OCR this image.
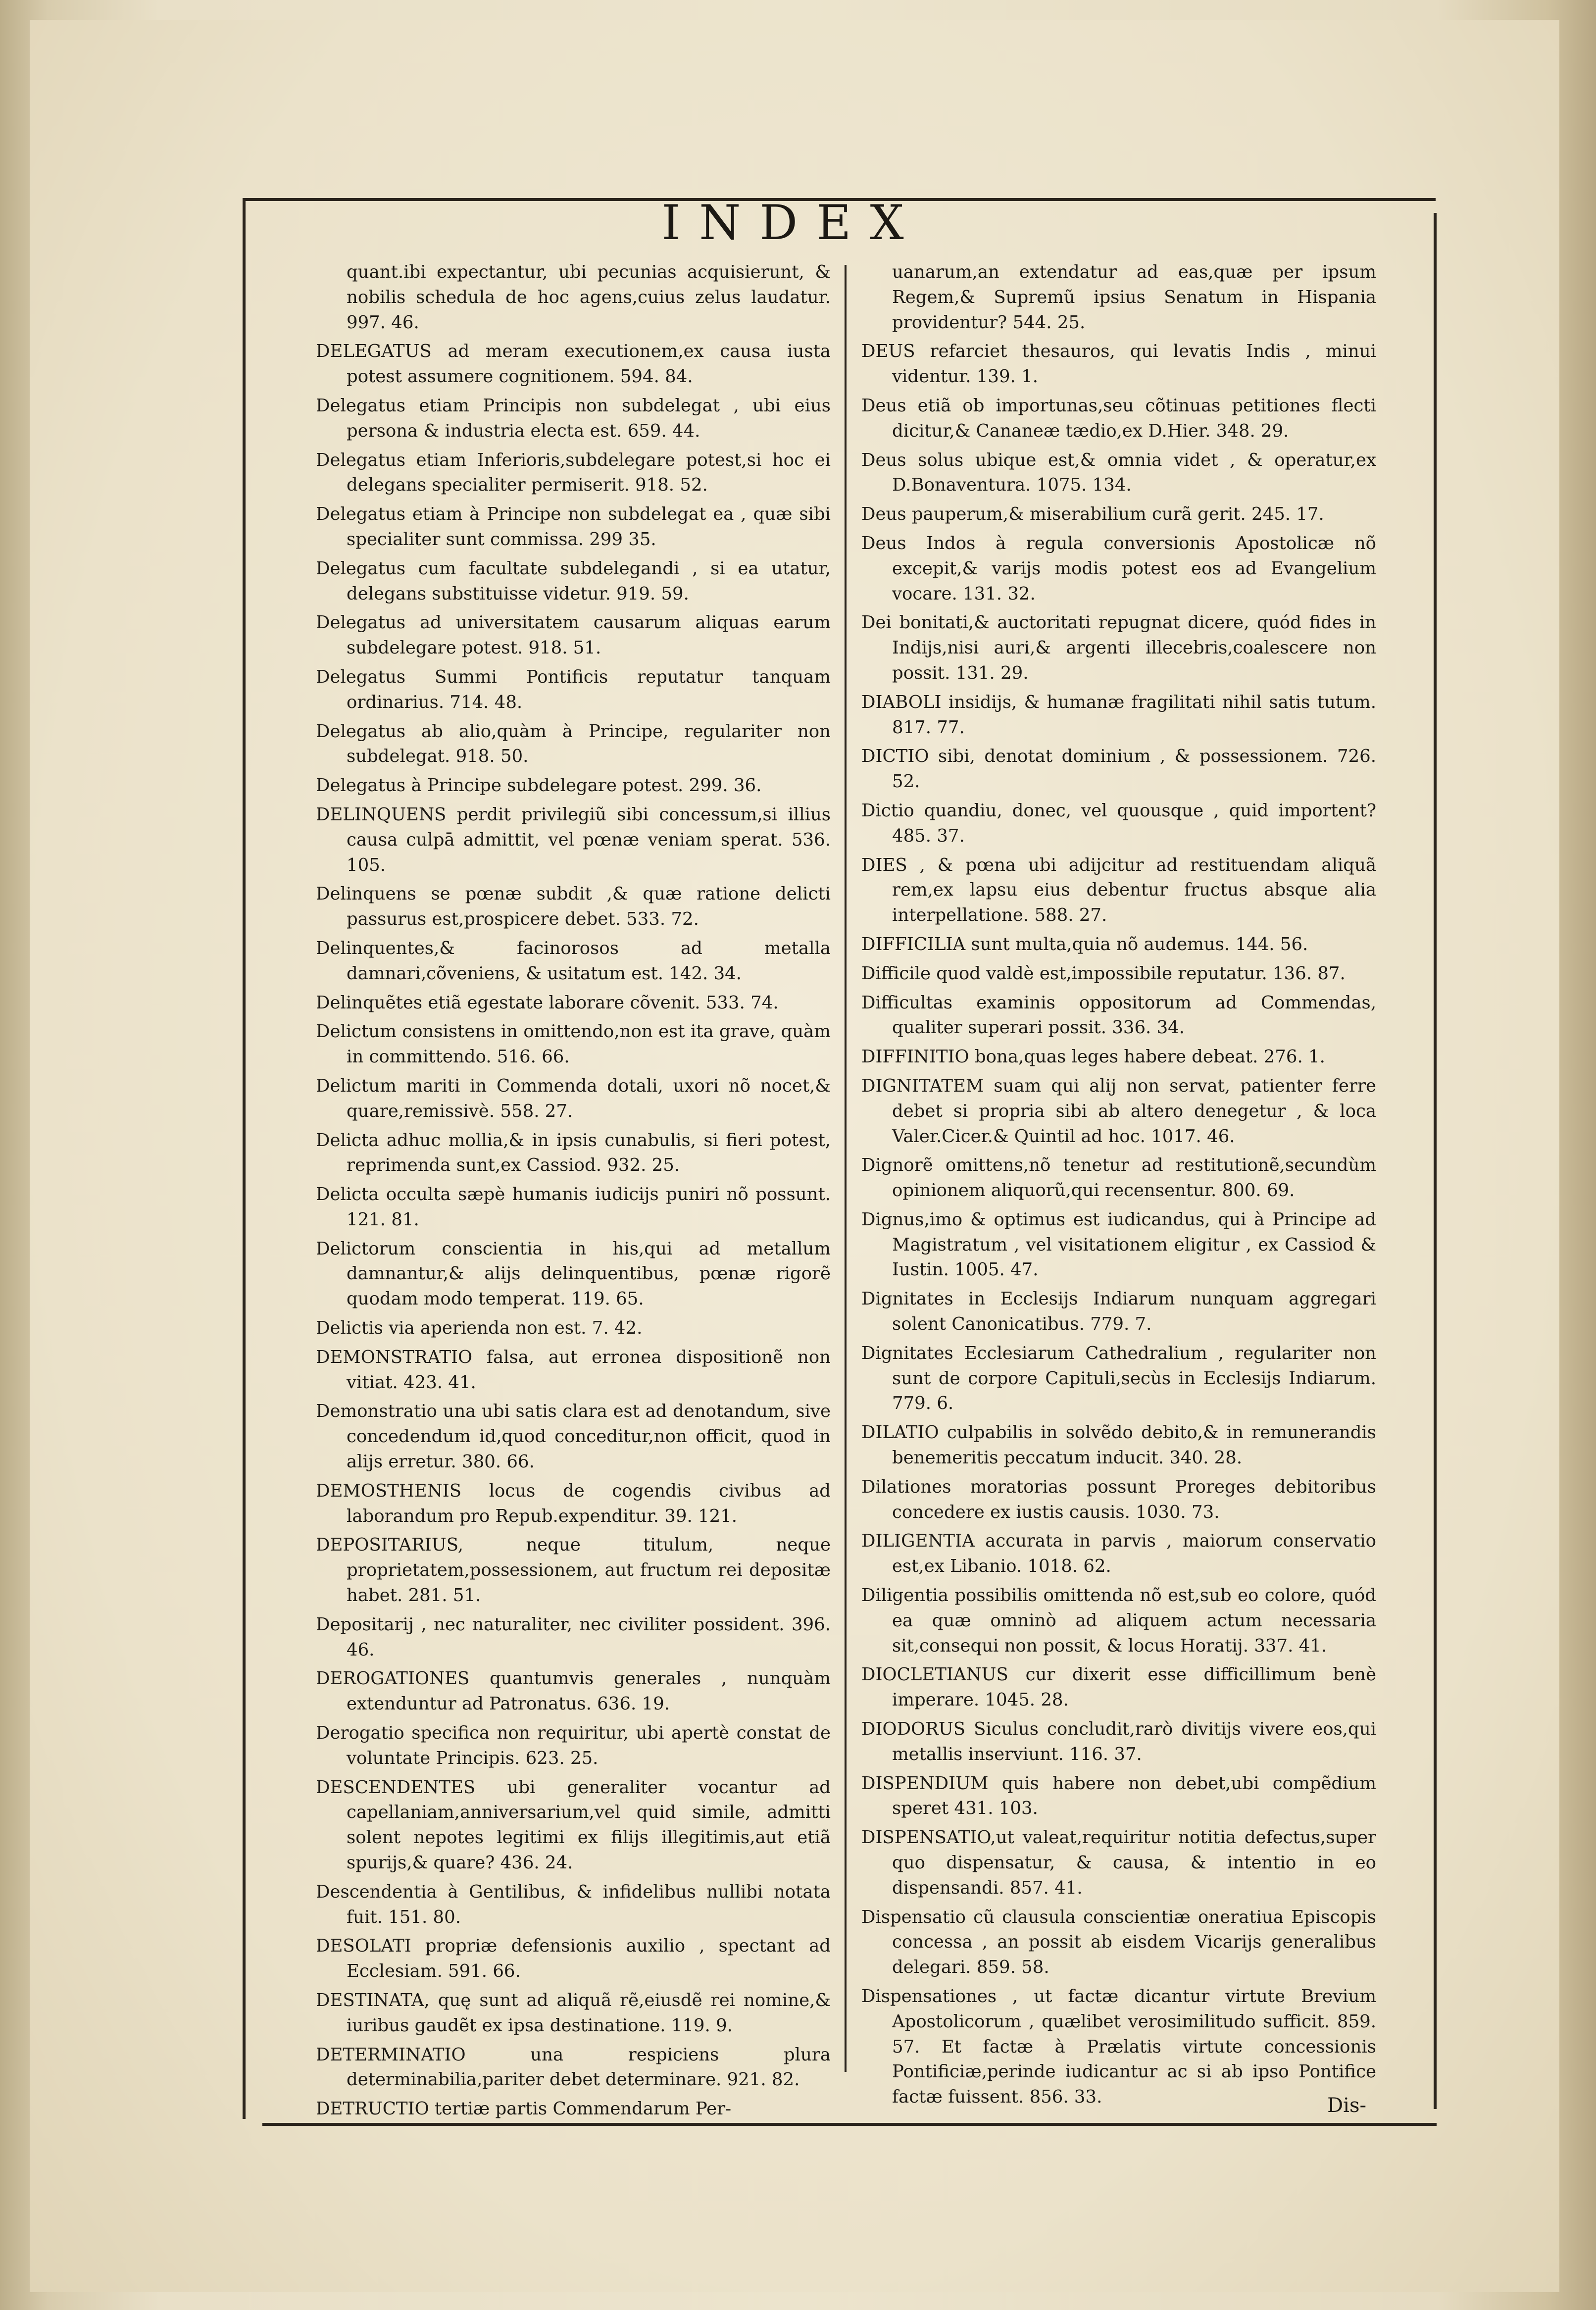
INDEX

quant.ibi expectantur, ubi pecunias acquisierunt, & nobilis schedula de hoc agens,cuius zelus laudatur. 997. 46.

DELEGATUS ad meram executionem,ex causa iusta potest assumere cognitionem. 594. 84.

Delegatus etiam Principis non subdelegat , ubi eius persona & industria electa est. 659. 44.

Delegatus etiam Inferioris,subdelegare potest,si hoc ei delegans specialiter permiserit. 918. 52.

Delegatus etiam à Principe non subdelegat ea , quæ sibi specialiter sunt commissa. 299 35.

Delegatus cum facultate subdelegandi , si ea utatur, delegans substituisse videtur. 919. 59.

Delegatus ad universitatem causarum aliquas earum subdelegare potest. 918. 51.

Delegatus Summi Pontificis reputatur tanquam ordinarius. 714. 48.

Delegatus ab alio,quàm à Principe, regulariter non subdelegat. 918. 50.

Delegatus à Principe subdelegare potest. 299. 36.

DELINQUENS perdit privilegiũ sibi concessum,si illius causa culpā admittit, vel pœnæ veniam sperat. 536. 105.

Delinquens se pœnæ subdit ,& quæ ratione delicti passurus est,prospicere debet. 533. 72.

Delinquentes,& facinorosos ad metalla damnari,cõveniens, & usitatum est. 142. 34.

Delinquẽtes etiã egestate laborare cõvenit. 533. 74.

Delictum consistens in omittendo,non est ita grave, quàm in committendo. 516. 66.

Delictum mariti in Commenda dotali, uxori nõ nocet,& quare,remissivè. 558. 27.

Delicta adhuc mollia,& in ipsis cunabulis, si fieri potest, reprimenda sunt,ex Cassiod. 932. 25.

Delicta occulta sæpè humanis iudicijs puniri nõ possunt. 121. 81.

Delictorum conscientia in his,qui ad metallum damnantur,& alijs delinquentibus, pœnæ rigorẽ quodam modo temperat. 119. 65.

Delictis via aperienda non est. 7. 42.

DEMONSTRATIO falsa, aut erronea dispositionẽ non vitiat. 423. 41.

Demonstratio una ubi satis clara est ad denotandum, sive concedendum id,quod conceditur,non officit, quod in alijs erretur. 380. 66.

DEMOSTHENIS locus de cogendis civibus ad laborandum pro Repub.expenditur. 39. 121.

DEPOSITARIUS, neque titulum, neque proprietatem,possessionem, aut fructum rei depositæ habet. 281. 51.

Depositarij , nec naturaliter, nec civiliter possident. 396. 46.

DEROGATIONES quantumvis generales , nunquàm extenduntur ad Patronatus. 636. 19.

Derogatio specifica non requiritur, ubi apertè constat de voluntate Principis. 623. 25.

DESCENDENTES ubi generaliter vocantur ad capellaniam,anniversarium,vel quid simile, admitti solent nepotes legitimi ex filijs illegitimis,aut etiã spurijs,& quare? 436. 24.

Descendentia à Gentilibus, & infidelibus nullibi notata fuit. 151. 80.

DESOLATI propriæ defensionis auxilio , spectant ad Ecclesiam. 591. 66.

DESTINATA, quę sunt ad aliquã rẽ,eiusdẽ rei nomine,& iuribus gaudẽt ex ipsa destinatione. 119. 9.

DETERMINATIO una respiciens plura determinabilia,pariter debet determinare. 921. 82.

DETRUCTIO tertiæ partis Commendarum Per-

uanarum,an extendatur ad eas,quæ per ipsum Regem,& Supremũ ipsius Senatum in Hispania providentur? 544. 25.

DEUS refarciet thesauros, qui levatis Indis , minui videntur. 139. 1.

Deus etiã ob importunas,seu cõtinuas petitiones flecti dicitur,& Cananeæ tædio,ex D.Hier. 348. 29.

Deus solus ubique est,& omnia videt , & operatur,ex D.Bonaventura. 1075. 134.

Deus pauperum,& miserabilium curã gerit. 245. 17.

Deus Indos à regula conversionis Apostolicæ nõ excepit,& varijs modis potest eos ad Evangelium vocare. 131. 32.

Dei bonitati,& auctoritati repugnat dicere, quód fides in Indijs,nisi auri,& argenti illecebris,coalescere non possit. 131. 29.

DIABOLI insidijs, & humanæ fragilitati nihil satis tutum. 817. 77.

DICTIO sibi, denotat dominium , & possessionem. 726. 52.

Dictio quandiu, donec, vel quousque , quid importent? 485. 37.

DIES , & pœna ubi adijcitur ad restituendam aliquã rem,ex lapsu eius debentur fructus absque alia interpellatione. 588. 27.

DIFFICILIA sunt multa,quia nõ audemus. 144. 56.

Difficile quod valdè est,impossibile reputatur. 136. 87.

Difficultas examinis oppositorum ad Commendas, qualiter superari possit. 336. 34.

DIFFINITIO bona,quas leges habere debeat. 276. 1.

DIGNITATEM suam qui alij non servat, patienter ferre debet si propria sibi ab altero denegetur , & loca Valer.Cicer.& Quintil ad hoc. 1017. 46.

Dignorẽ omittens,nõ tenetur ad restitutionẽ,secundùm opinionem aliquorũ,qui recensentur. 800. 69.

Dignus,imo & optimus est iudicandus, qui à Principe ad Magistratum , vel visitationem eligitur , ex Cassiod & Iustin. 1005. 47.

Dignitates in Ecclesijs Indiarum nunquam aggregari solent Canonicatibus. 779. 7.

Dignitates Ecclesiarum Cathedralium , regulariter non sunt de corpore Capituli,secùs in Ecclesijs Indiarum. 779. 6.

DILATIO culpabilis in solvẽdo debito,& in remunerandis benemeritis peccatum inducit. 340. 28.

Dilationes moratorias possunt Proreges debitoribus concedere ex iustis causis. 1030. 73.

DILIGENTIA accurata in parvis , maiorum conservatio est,ex Libanio. 1018. 62.

Diligentia possibilis omittenda nõ est,sub eo colore, quód ea quæ omninò ad aliquem actum necessaria sit,consequi non possit, & locus Horatij. 337. 41.

DIOCLETIANUS cur dixerit esse difficillimum benè imperare. 1045. 28.

DIODORUS Siculus concludit,rarò divitijs vivere eos,qui metallis inserviunt. 116. 37.

DISPENDIUM quis habere non debet,ubi compẽdium speret 431. 103.

DISPENSATIO,ut valeat,requiritur notitia defectus,super quo dispensatur, & causa, & intentio in eo dispensandi. 857. 41.

Dispensatio cũ clausula conscientiæ oneratiua Episcopis concessa , an possit ab eisdem Vicarijs generalibus delegari. 859. 58.

Dispensationes , ut factæ dicantur virtute Brevium Apostolicorum , quælibet verosimilitudo sufficit. 859. 57. Et factæ à Prælatis virtute concessionis Pontificiæ,perinde iudicantur ac si ab ipso Pontifice factæ fuissent. 856. 33.	Dis-
